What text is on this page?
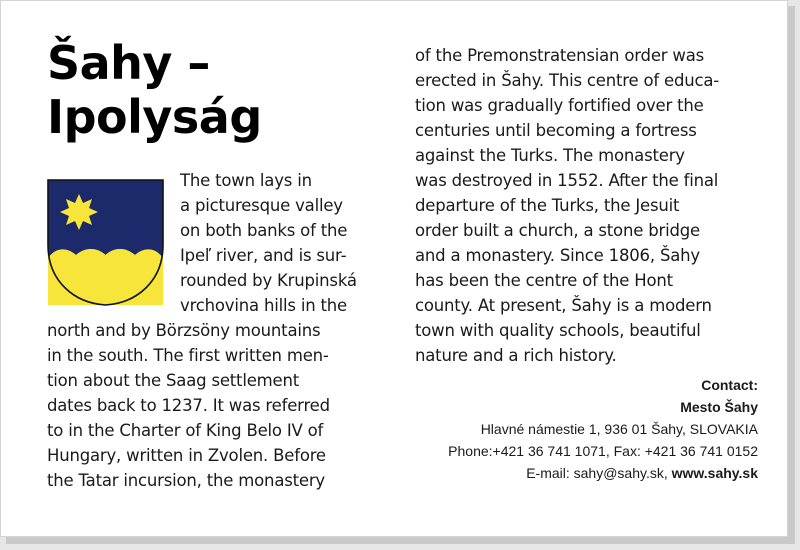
Šahy –
Ipolyság
The town lays in
a picturesque valley
on both banks of the
Ipeľ river, and is sur-
rounded by Krupinská
vrchovina hills in the
north and by Börzsöny mountains
in the south. The first written men-
tion about the Saag settlement
dates back to 1237. It was referred
to in the Charter of King Belo IV of
Hungary, written in Zvolen. Before
the Tatar incursion, the monastery
of the Premonstratensian order was
erected in Šahy. This centre of educa-
tion was gradually fortified over the
centuries until becoming a fortress
against the Turks. The monastery
was destroyed in 1552. After the final
departure of the Turks, the Jesuit
order built a church, a stone bridge
and a monastery. Since 1806, Šahy
has been the centre of the Hont
county. At present, Šahy is a modern
town with quality schools, beautiful
nature and a rich history.
Contact:
Mesto Šahy
Hlavné námestie 1, 936 01 Šahy, SLOVAKIA
Phone:+421 36 741 1071, Fax: +421 36 741 0152
E-mail: sahy@sahy.sk, www.sahy.sk
